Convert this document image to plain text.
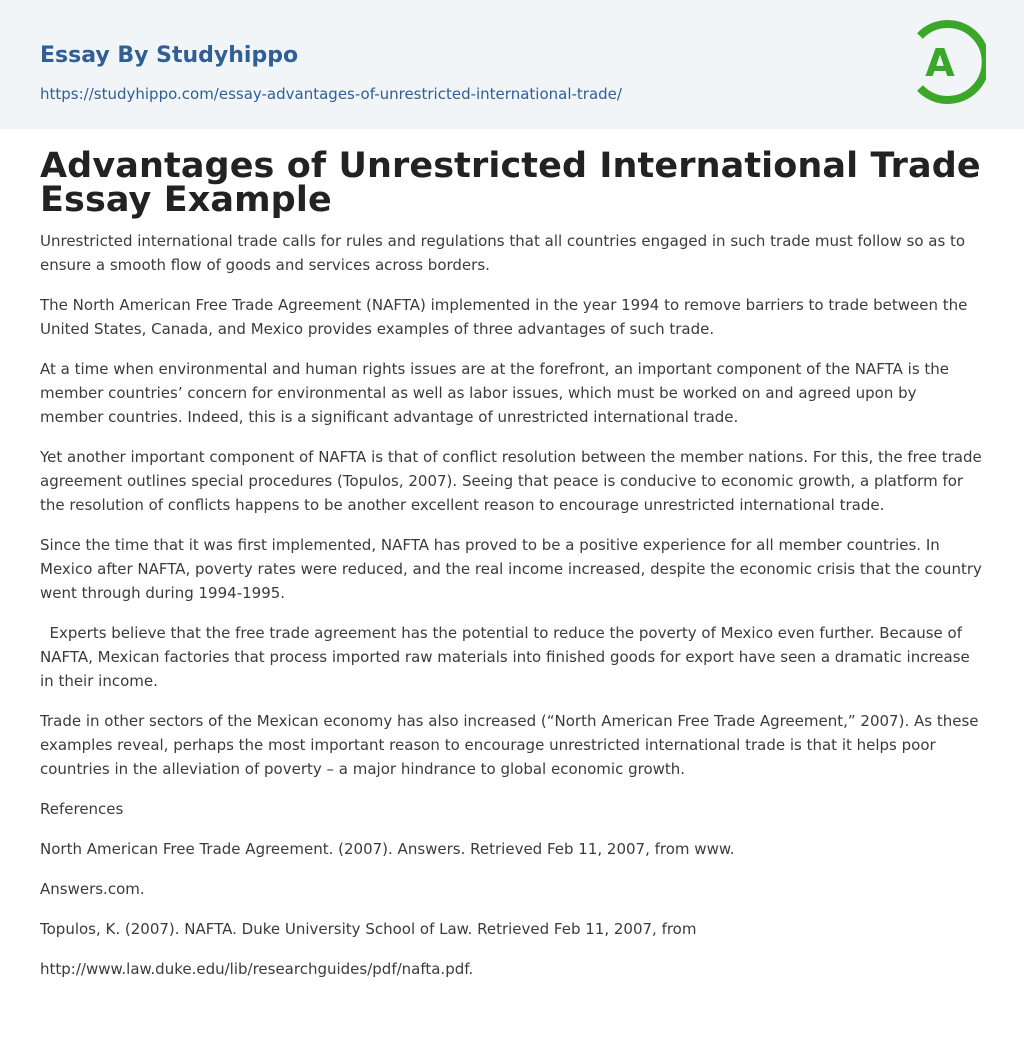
Essay By Studyhippo
https://studyhippo.com/essay-advantages-of-unrestricted-international-trade/
A
Advantages of Unrestricted International Trade Essay Example

Unrestricted international trade calls for rules and regulations that all countries engaged in such trade must follow so as to ensure a smooth flow of goods and services across borders.

The North American Free Trade Agreement (NAFTA) implemented in the year 1994 to remove barriers to trade between the United States, Canada, and Mexico provides examples of three advantages of such trade.

At a time when environmental and human rights issues are at the forefront, an important component of the NAFTA is the member countries’ concern for environmental as well as labor issues, which must be worked on and agreed upon by member countries. Indeed, this is a significant advantage of unrestricted international trade.

Yet another important component of NAFTA is that of conflict resolution between the member nations. For this, the free trade agreement outlines special procedures (Topulos, 2007). Seeing that peace is conducive to economic growth, a platform for the resolution of conflicts happens to be another excellent reason to encourage unrestricted international trade.

Since the time that it was first implemented, NAFTA has proved to be a positive experience for all member countries. In Mexico after NAFTA, poverty rates were reduced, and the real income increased, despite the economic crisis that the country went through during 1994-1995.

Experts believe that the free trade agreement has the potential to reduce the poverty of Mexico even further. Because of NAFTA, Mexican factories that process imported raw materials into finished goods for export have seen a dramatic increase in their income.

Trade in other sectors of the Mexican economy has also increased (“North American Free Trade Agreement,” 2007). As these examples reveal, perhaps the most important reason to encourage unrestricted international trade is that it helps poor countries in the alleviation of poverty – a major hindrance to global economic growth.

References

North American Free Trade Agreement. (2007). Answers. Retrieved Feb 11, 2007, from www.

Answers.com.

Topulos, K. (2007). NAFTA. Duke University School of Law. Retrieved Feb 11, 2007, from

http://www.law.duke.edu/lib/researchguides/pdf/nafta.pdf.
